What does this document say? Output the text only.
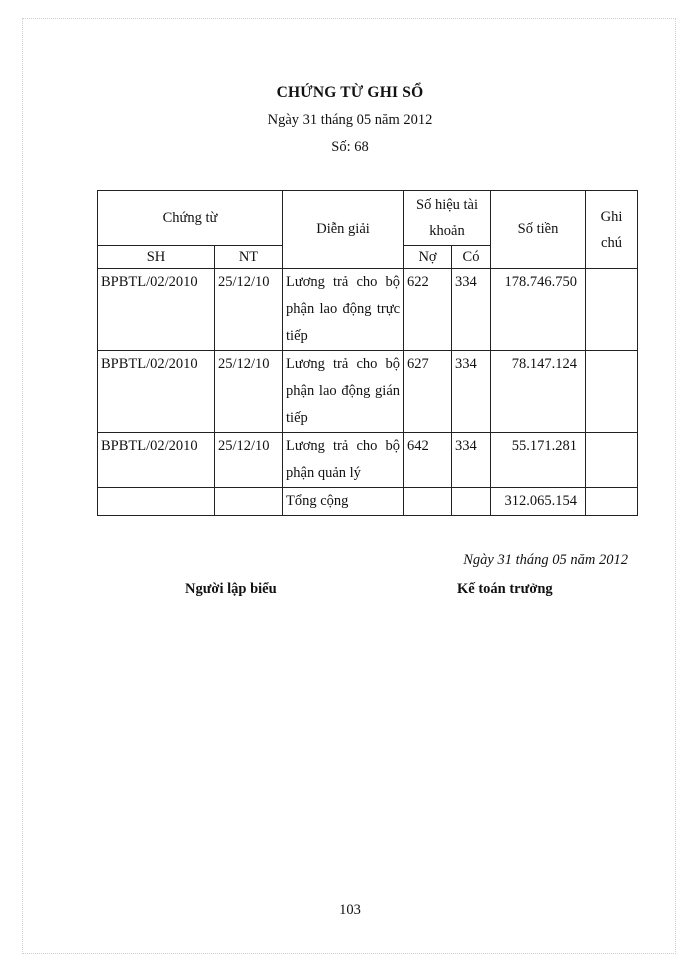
CHỨNG TỪ GHI SỔ
Ngày 31 tháng 05 năm 2012
Số: 68
Chứng từ		Diễn giải	Số hiệu tài khoản		Số tiền	Ghi chú
SH	NT		Nợ	Có		
BPBTL/02/2010	25/12/10	Lương trả cho bộ phận lao động trực tiếp	622	334	178.746.750	
BPBTL/02/2010	25/12/10	Lương trả cho bộ phận lao động gián tiếp	627	334	78.147.124	
BPBTL/02/2010	25/12/10	Lương trả cho bộ phận quản lý	642	334	55.171.281	
		Tổng cộng			312.065.154	
Ngày 31 tháng 05 năm 2012
Người lập biểu	Kế toán trưởng
103
